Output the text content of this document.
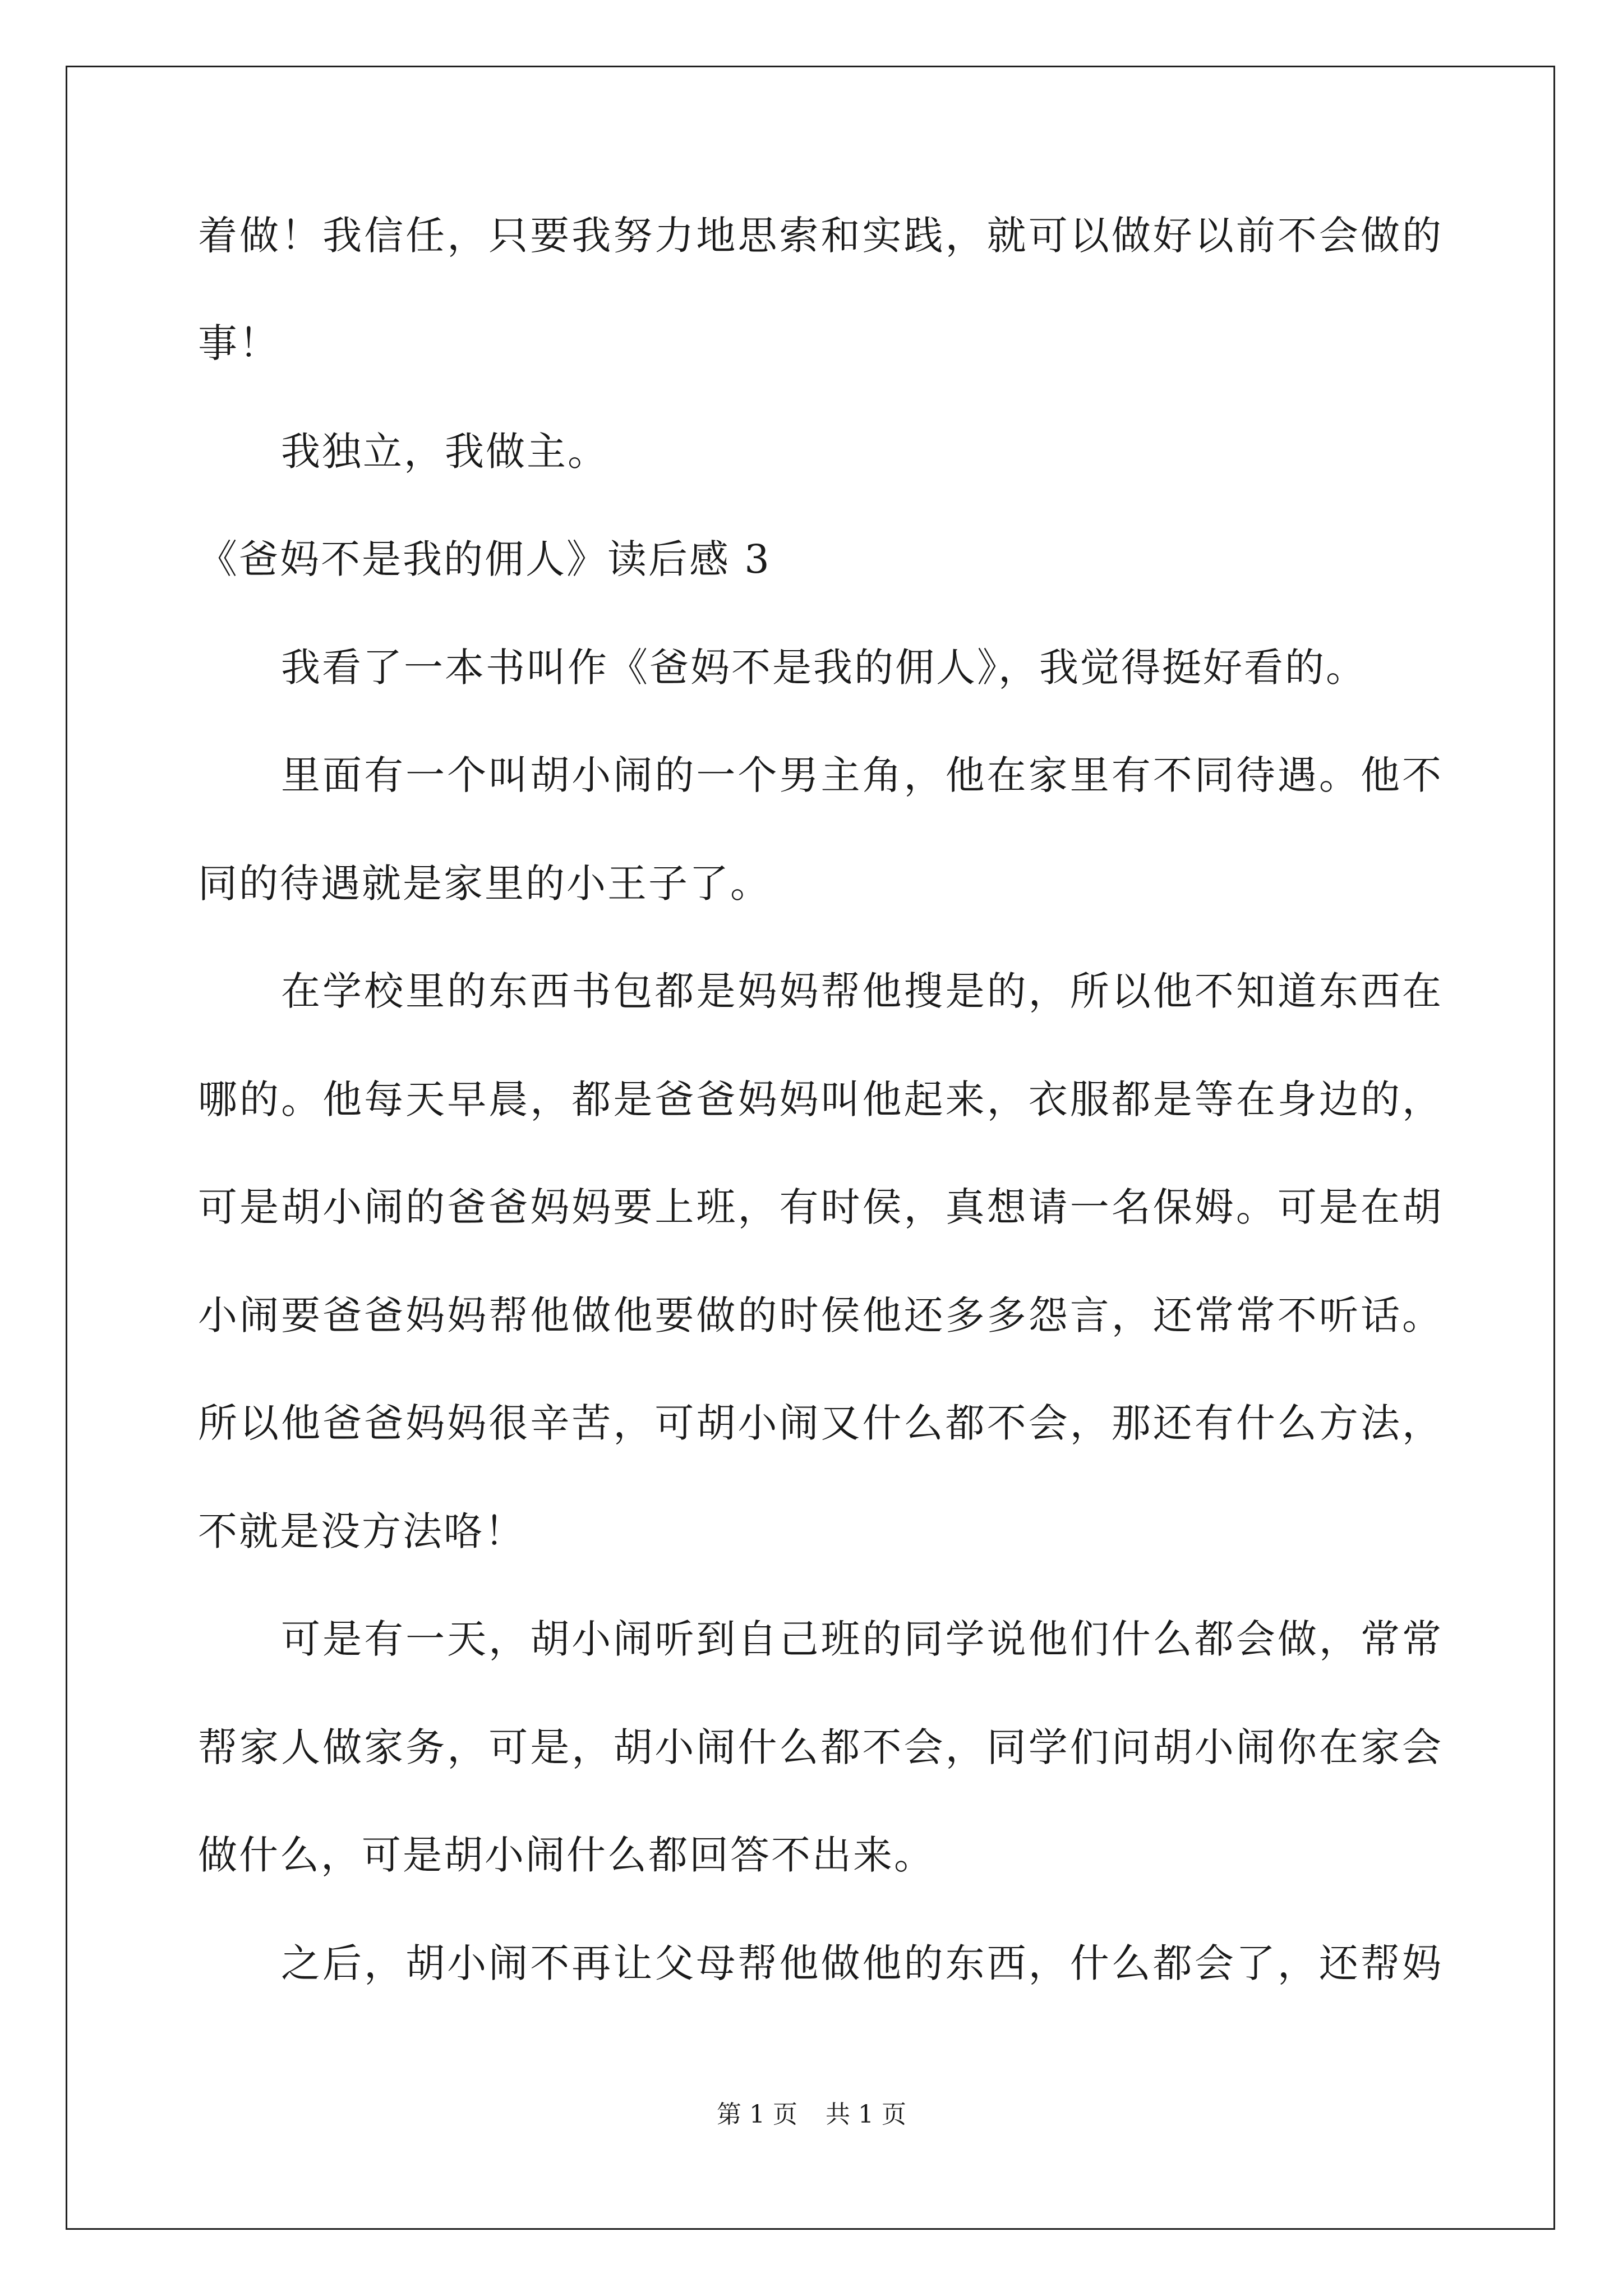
着做！我信任，只要我努力地思索和实践，就可以做好以前不会做的
事！
我独立，我做主。
《爸妈不是我的佣人》读后感 3
我看了一本书叫作《爸妈不是我的佣人》，我觉得挺好看的。
里面有一个叫胡小闹的一个男主角，他在家里有不同待遇。他不
同的待遇就是家里的小王子了。
在学校里的东西书包都是妈妈帮他搜是的，所以他不知道东西在
哪的。他每天早晨，都是爸爸妈妈叫他起来，衣服都是等在身边的，
可是胡小闹的爸爸妈妈要上班，有时侯，真想请一名保姆。可是在胡
小闹要爸爸妈妈帮他做他要做的时侯他还多多怨言，还常常不听话。
所以他爸爸妈妈很辛苦，可胡小闹又什么都不会，那还有什么方法，
不就是没方法咯！
可是有一天，胡小闹听到自己班的同学说他们什么都会做，常常
帮家人做家务，可是，胡小闹什么都不会，同学们问胡小闹你在家会
做什么，可是胡小闹什么都回答不出来。
之后，胡小闹不再让父母帮他做他的东西，什么都会了，还帮妈
第 1 页 共 1 页
